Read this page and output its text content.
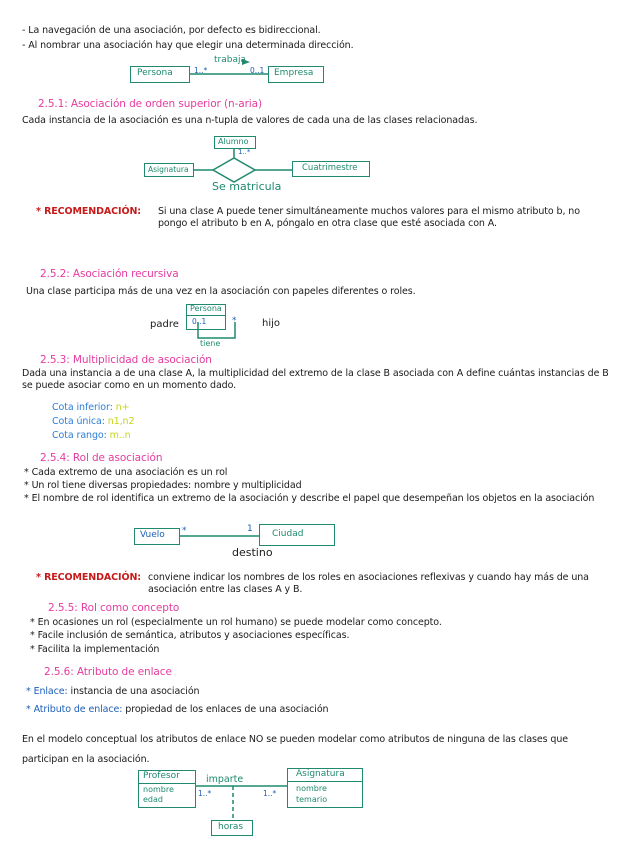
- La navegación de una asociación, por defecto es bidireccional.
- Al nombrar una asociación hay que elegir una determinada dirección.
Persona	Empresa
trabaja
1..*	0..1
2.5.1: Asociación de orden superior (n-aria)
Cada instancia de la asociación es una n-tupla de valores de cada una de las clases relacionadas.
Alumno
Asignatura	Cuatrimestre
1..*
Se matricula
* RECOMENDACIÓN: Si una clase A puede tener simultáneamente muchos valores para el mismo atributo b, no pongo el atributo b en A, póngalo en otra clase que esté asociada con A.
2.5.2: Asociación recursiva
Una clase participa más de una vez en la asociación con papeles diferentes o roles.
Persona
0..1	*
padre	hijo
tiene
2.5.3: Multiplicidad de asociación
Dada una instancia a de una clase A, la multiplicidad del extremo de la clase B asociada con A define cuántas instancias de B se puede asociar como en un momento dado.
Cota inferior: n+
Cota única: n1,n2
Cota rango: m..n
2.5.4: Rol de asociación
* Cada extremo de una asociación es un rol
* Un rol tiene diversas propiedades: nombre y multiplicidad
* El nombre de rol identifica un extremo de la asociación y describe el papel que desempeñan los objetos en la asociación
Vuelo	Ciudad
*	1
destino
* RECOMENDACIÓN: conviene indicar los nombres de los roles en asociaciones reflexivas y cuando hay más de una asociación entre las clases A y B.
2.5.5: Rol como concepto
* En ocasiones un rol (especialmente un rol humano) se puede modelar como concepto.
* Facile inclusión de semántica, atributos y asociaciones específicas.
* Facilita la implementación
2.5.6: Atributo de enlace
* Enlace: instancia de una asociación
* Atributo de enlace: propiedad de los enlaces de una asociación
En el modelo conceptual los atributos de enlace NO se pueden modelar como atributos de ninguna de las clases que participan en la asociación.
Profesor
nombre
edad
Asignatura
nombre
temario
imparte
1..*	1..*
horas
